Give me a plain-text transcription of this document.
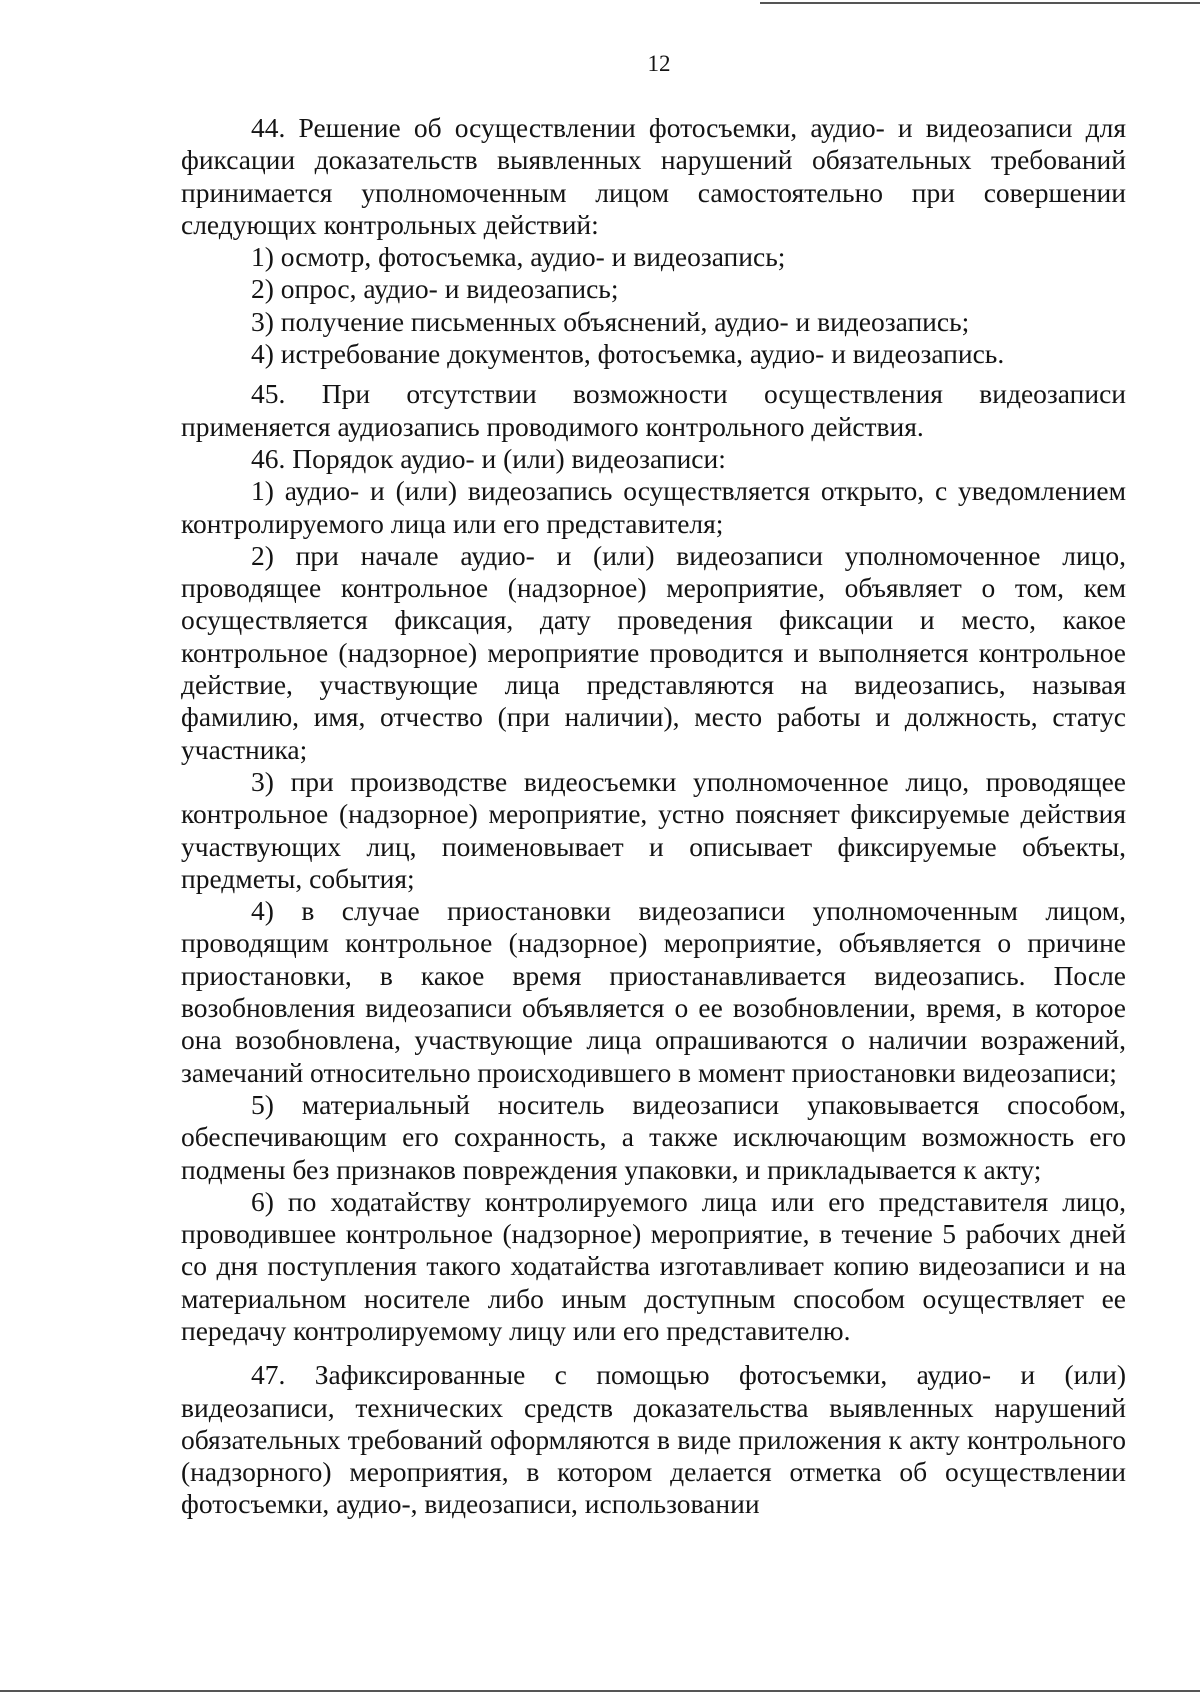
12

44. Решение об осуществлении фотосъемки, аудио- и видеозаписи для фиксации доказательств выявленных нарушений обязательных требований принимается уполномоченным лицом самостоятельно при совершении следующих контрольных действий:

1) осмотр, фотосъемка, аудио- и видеозапись;

2) опрос, аудио- и видеозапись;

3) получение письменных объяснений, аудио- и видеозапись;

4) истребование документов, фотосъемка, аудио- и видеозапись.

45. При отсутствии возможности осуществления видеозаписи применяется аудиозапись проводимого контрольного действия.

46. Порядок аудио- и (или) видеозаписи:

1) аудио- и (или) видеозапись осуществляется открыто, с уведомлением контролируемого лица или его представителя;

2) при начале аудио- и (или) видеозаписи уполномоченное лицо, проводящее контрольное (надзорное) мероприятие, объявляет о том, кем осуществляется фиксация, дату проведения фиксации и место, какое контрольное (надзорное) мероприятие проводится и выполняется контрольное действие, участвующие лица представляются на видеозапись, называя фамилию, имя, отчество (при наличии), место работы и должность, статус участника;

3) при производстве видеосъемки уполномоченное лицо, проводящее контрольное (надзорное) мероприятие, устно поясняет фиксируемые действия участвующих лиц, поименовывает и описывает фиксируемые объекты, предметы, события;

4) в случае приостановки видеозаписи уполномоченным лицом, проводящим контрольное (надзорное) мероприятие, объявляется о причине приостановки, в какое время приостанавливается видеозапись. После возобновления видеозаписи объявляется о ее возобновлении, время, в которое она возобновлена, участвующие лица опрашиваются о наличии возражений, замечаний относительно происходившего в момент приостановки видеозаписи;

5) материальный носитель видеозаписи упаковывается способом, обеспечивающим его сохранность, а также исключающим возможность его подмены без признаков повреждения упаковки, и прикладывается к акту;

6) по ходатайству контролируемого лица или его представителя лицо, проводившее контрольное (надзорное) мероприятие, в течение 5 рабочих дней со дня поступления такого ходатайства изготавливает копию видеозаписи и на материальном носителе либо иным доступным способом осуществляет ее передачу контролируемому лицу или его представителю.

47. Зафиксированные с помощью фотосъемки, аудио- и (или) видеозаписи, технических средств доказательства выявленных нарушений обязательных требований оформляются в виде приложения к акту контрольного (надзорного) мероприятия, в котором делается отметка об осуществлении фотосъемки, аудио-, видеозаписи, использовании
